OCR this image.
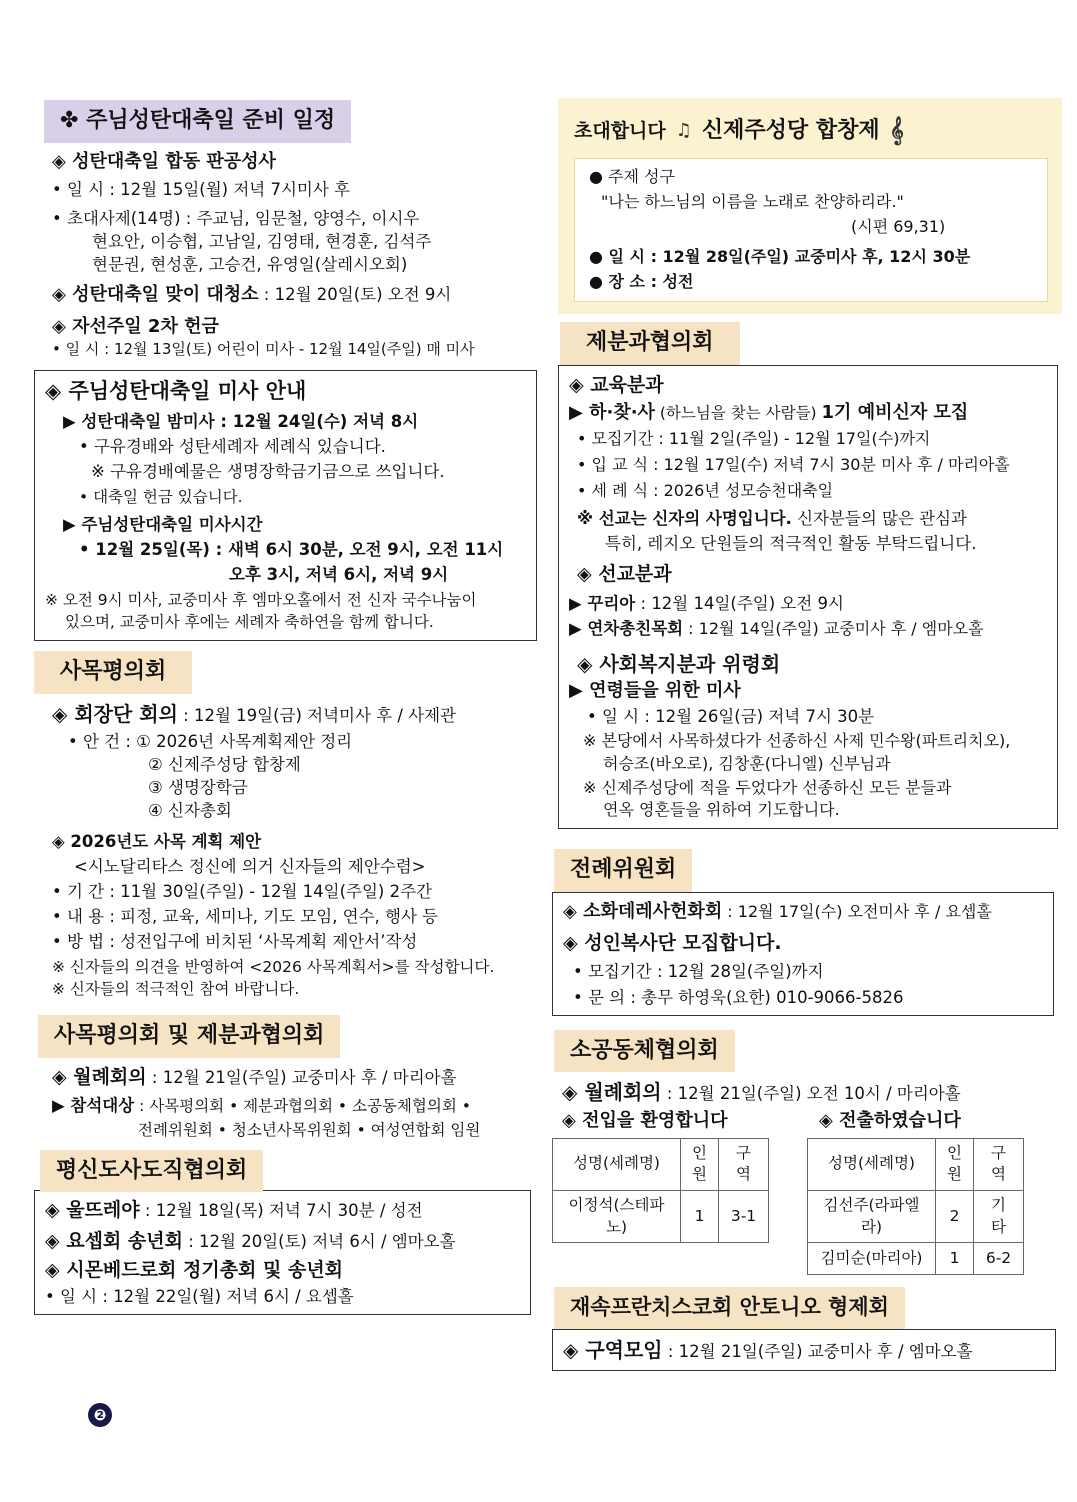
✤ 주님성탄대축일 준비 일정
◈ 성탄대축일 합동 판공성사
• 일 시 : 12월 15일(월) 저녁 7시미사 후
• 초대사제(14명) : 주교님, 임문철, 양영수, 이시우
현요안, 이승협, 고남일, 김영태, 현경훈, 김석주
현문권, 현성훈, 고승건, 유영일(살레시오회)
◈ 성탄대축일 맞이 대청소 : 12월 20일(토) 오전 9시
◈ 자선주일 2차 헌금
• 일 시 : 12월 13일(토) 어린이 미사 - 12월 14일(주일) 매 미사
◈ 주님성탄대축일 미사 안내
▶ 성탄대축일 밤미사 : 12월 24일(수) 저녁 8시
• 구유경배와 성탄세례자 세례식 있습니다.
※ 구유경배예물은 생명장학금기금으로 쓰입니다.
• 대축일 헌금 있습니다.
▶ 주님성탄대축일 미사시간
• 12월 25일(목) : 새벽 6시 30분, 오전 9시, 오전 11시
오후 3시, 저녁 6시, 저녁 9시
※ 오전 9시 미사, 교중미사 후 엠마오홀에서 전 신자 국수나눔이
있으며, 교중미사 후에는 세례자 축하연을 함께 합니다.
사목평의회
◈ 회장단 회의 : 12월 19일(금) 저녁미사 후 / 사제관
• 안 건 : ① 2026년 사목계획제안 정리
② 신제주성당 합창제
③ 생명장학금
④ 신자총회
◈ 2026년도 사목 계획 제안
<시노달리타스 정신에 의거 신자들의 제안수렴>
• 기 간 : 11월 30일(주일) - 12월 14일(주일) 2주간
• 내 용 : 피정, 교육, 세미나, 기도 모임, 연수, 행사 등
• 방 법 : 성전입구에 비치된 ‘사목계획 제안서’작성
※ 신자들의 의견을 반영하여 <2026 사목계획서>를 작성합니다.
※ 신자들의 적극적인 참여 바랍니다.
사목평의회 및 제분과협의회
◈ 월례회의 : 12월 21일(주일) 교중미사 후 / 마리아홀
▶ 참석대상 : 사목평의회 • 제분과협의회 • 소공동체협의회 •
전례위원회 • 청소년사목위원회 • 여성연합회 임원
평신도사도직협의회
◈ 울뜨레야 : 12월 18일(목) 저녁 7시 30분 / 성전
◈ 요셉회 송년회 : 12월 20일(토) 저녁 6시 / 엠마오홀
◈ 시몬베드로회 정기총회 및 송년회
• 일 시 : 12월 22일(월) 저녁 6시 / 요셉홀
초대합니다 ♫ 신제주성당 합창제 𝄞
● 주제 성구
"나는 하느님의 이름을 노래로 찬양하리라."
(시편 69,31)
● 일 시 : 12월 28일(주일) 교중미사 후, 12시 30분
● 장 소 : 성전
제분과협의회
◈ 교육분과
▶ 하·찾·사 (하느님을 찾는 사람들) 1기 예비신자 모집
• 모집기간 : 11월 2일(주일) - 12월 17일(수)까지
• 입 교 식 : 12월 17일(수) 저녁 7시 30분 미사 후 / 마리아홀
• 세 례 식 : 2026년 성모승천대축일
※ 선교는 신자의 사명입니다. 신자분들의 많은 관심과
특히, 레지오 단원들의 적극적인 활동 부탁드립니다.
◈ 선교분과
▶ 꾸리아 : 12월 14일(주일) 오전 9시
▶ 연차총친목회 : 12월 14일(주일) 교중미사 후 / 엠마오홀
◈ 사회복지분과 위령회
▶ 연령들을 위한 미사
• 일 시 : 12월 26일(금) 저녁 7시 30분
※ 본당에서 사목하셨다가 선종하신 사제 민수왕(파트리치오),
허승조(바오로), 김창훈(다니엘) 신부님과
※ 신제주성당에 적을 두었다가 선종하신 모든 분들과
연옥 영혼들을 위하여 기도합니다.
전례위원회
◈ 소화데레사헌화회 : 12월 17일(수) 오전미사 후 / 요셉홀
◈ 성인복사단 모집합니다.
• 모집기간 : 12월 28일(주일)까지
• 문 의 : 총무 하영욱(요한) 010-9066-5826
소공동체협의회
◈ 월례회의 : 12월 21일(주일) 오전 10시 / 마리아홀
◈ 전입을 환영합니다
성명(세례명)	인원	구역
이정석(스테파노)	1	3-1
◈ 전출하였습니다
성명(세례명)	인원	구역
김선주(라파엘라)	2	기타
김미순(마리아)	1	6-2
재속프란치스코회 안토니오 형제회
◈ 구역모임 : 12월 21일(주일) 교중미사 후 / 엠마오홀
❷
